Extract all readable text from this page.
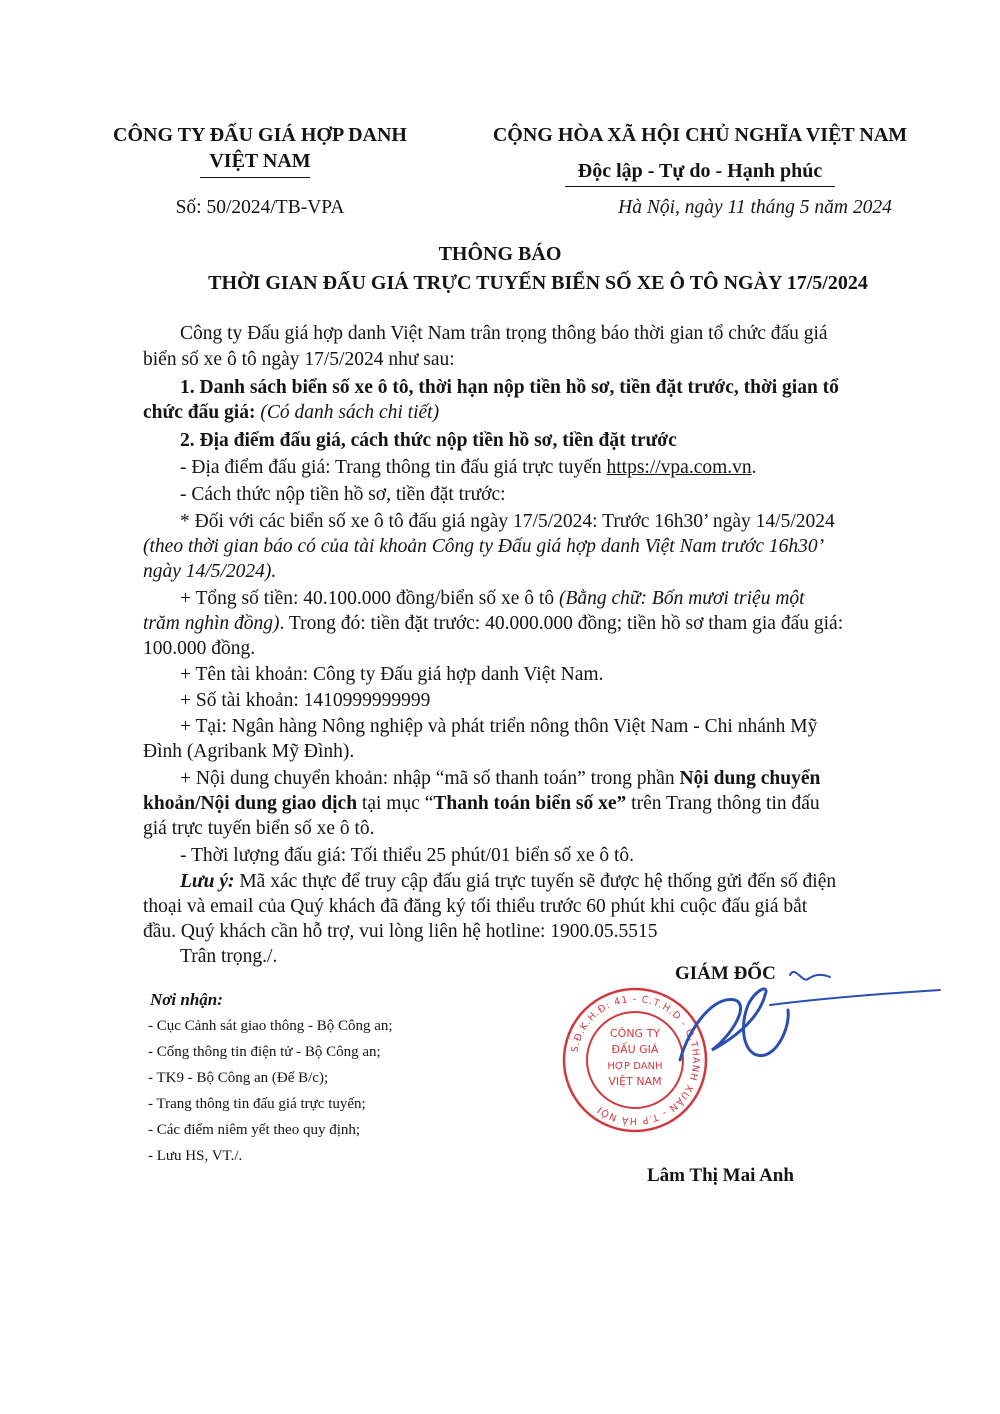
CÔNG TY ĐẤU GIÁ HỢP DANH
VIỆT NAM
Số: 50/2024/TB-VPA
CỘNG HÒA XÃ HỘI CHỦ NGHĨA VIỆT NAM
Độc lập - Tự do - Hạnh phúc
Hà Nội, ngày 11 tháng 5 năm 2024
THÔNG BÁO
THỜI GIAN ĐẤU GIÁ TRỰC TUYẾN BIỂN SỐ XE Ô TÔ NGÀY 17/5/2024
Công ty Đấu giá hợp danh Việt Nam trân trọng thông báo thời gian tổ chức đấu giá
biển số xe ô tô ngày 17/5/2024 như sau:
1. Danh sách biển số xe ô tô, thời hạn nộp tiền hồ sơ, tiền đặt trước, thời gian tổ
chức đấu giá: (Có danh sách chi tiết)
2. Địa điểm đấu giá, cách thức nộp tiền hồ sơ, tiền đặt trước
- Địa điểm đấu giá: Trang thông tin đấu giá trực tuyến https://vpa.com.vn.
- Cách thức nộp tiền hồ sơ, tiền đặt trước:
* Đối với các biển số xe ô tô đấu giá ngày 17/5/2024: Trước 16h30’ ngày 14/5/2024
(theo thời gian báo có của tài khoản Công ty Đấu giá hợp danh Việt Nam trước 16h30’
ngày 14/5/2024).
+ Tổng số tiền: 40.100.000 đồng/biển số xe ô tô (Bằng chữ: Bốn mươi triệu một
trăm nghìn đồng). Trong đó: tiền đặt trước: 40.000.000 đồng; tiền hồ sơ tham gia đấu giá:
100.000 đồng.
+ Tên tài khoản: Công ty Đấu giá hợp danh Việt Nam.
+ Số tài khoản: 1410999999999
+ Tại: Ngân hàng Nông nghiệp và phát triển nông thôn Việt Nam - Chi nhánh Mỹ
Đình (Agribank Mỹ Đình).
+ Nội dung chuyển khoản: nhập “mã số thanh toán” trong phần Nội dung chuyển
khoản/Nội dung giao dịch tại mục “Thanh toán biển số xe” trên Trang thông tin đấu
giá trực tuyến biển số xe ô tô.
- Thời lượng đấu giá: Tối thiểu 25 phút/01 biển số xe ô tô.
Lưu ý: Mã xác thực để truy cập đấu giá trực tuyến sẽ được hệ thống gửi đến số điện
thoại và email của Quý khách đã đăng ký tối thiểu trước 60 phút khi cuộc đấu giá bắt
đầu. Quý khách cần hỗ trợ, vui lòng liên hệ hotline: 1900.05.5515
Trân trọng./.
Nơi nhận:
- Cục Cảnh sát giao thông - Bộ Công an;
- Cổng thông tin điện tử - Bộ Công an;
- TK9 - Bộ Công an (Để B/c);
- Trang thông tin đấu giá trực tuyến;
- Các điểm niêm yết theo quy định;
- Lưu HS, VT./.
GIÁM ĐỐC
S.Đ.K.H.Đ: 41 - C.T.H.D - Q.THANH XUÂN - T.P HÀ NỘI
CÔNG TY
ĐẤU GIÁ
HỢP DANH
VIỆT NAM
Lâm Thị Mai Anh
